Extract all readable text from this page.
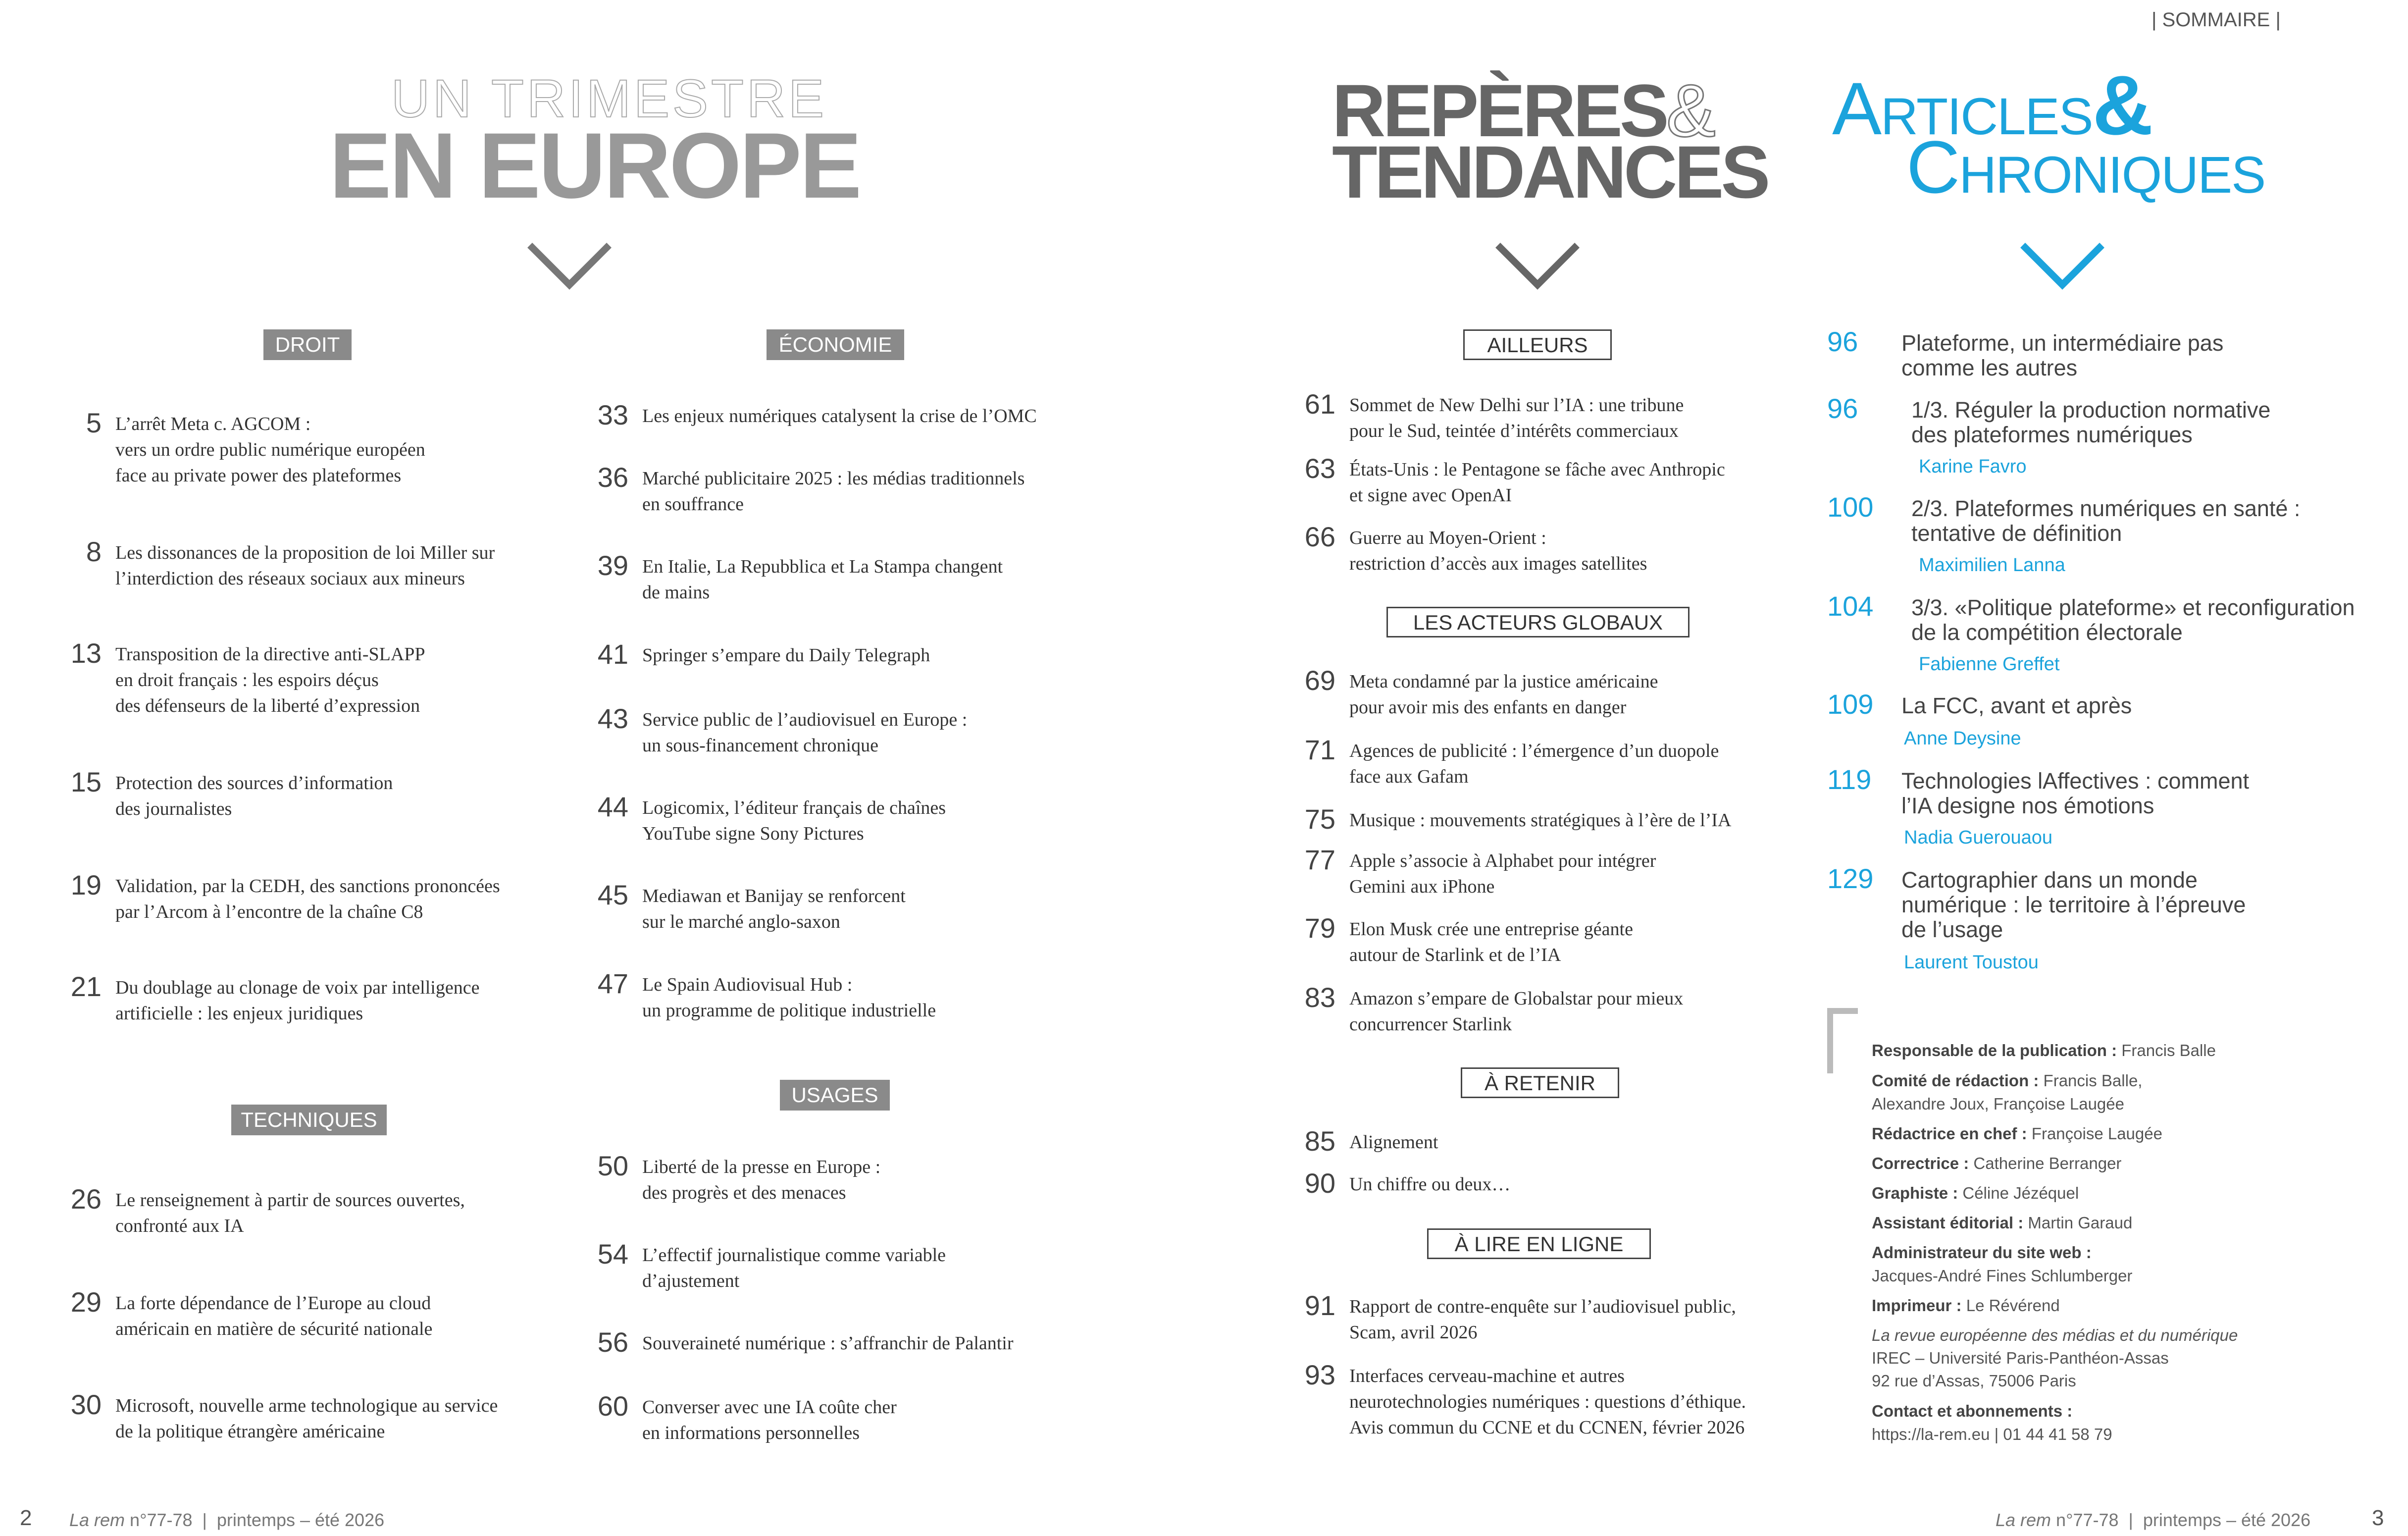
| SOMMAIRE |
UN TRIMESTRE
EN EUROPE
REPÈRES&
TENDANCES
Articles&
Chroniques
DROIT
TECHNIQUES
ÉCONOMIE
USAGES
AILLEURS
LES ACTEURS GLOBAUX
À RETENIR
À LIRE EN LIGNE
5 L’arrêt Meta c. AGCOM :
vers un ordre public numérique européen
face au private power des plateformes
8 Les dissonances de la proposition de loi Miller sur
l’interdiction des réseaux sociaux aux mineurs
13 Transposition de la directive anti-SLAPP
en droit français : les espoirs déçus
des défenseurs de la liberté d’expression
15 Protection des sources d’information
des journalistes
19 Validation, par la CEDH, des sanctions prononcées
par l’Arcom à l’encontre de la chaîne C8
21 Du doublage au clonage de voix par intelligence
artificielle : les enjeux juridiques
26 Le renseignement à partir de sources ouvertes,
confronté aux IA
29 La forte dépendance de l’Europe au cloud
américain en matière de sécurité nationale
30 Microsoft, nouvelle arme technologique au service
de la politique étrangère américaine
33 Les enjeux numériques catalysent la crise de l’OMC
36 Marché publicitaire 2025 : les médias traditionnels
en souffrance
39 En Italie, La Repubblica et La Stampa changent
de mains
41 Springer s’empare du Daily Telegraph
43 Service public de l’audiovisuel en Europe :
un sous-financement chronique
44 Logicomix, l’éditeur français de chaînes
YouTube signe Sony Pictures
45 Mediawan et Banijay se renforcent
sur le marché anglo-saxon
47 Le Spain Audiovisual Hub :
un programme de politique industrielle
50 Liberté de la presse en Europe :
des progrès et des menaces
54 L’effectif journalistique comme variable
d’ajustement
56 Souveraineté numérique : s’affranchir de Palantir
60 Converser avec une IA coûte cher
en informations personnelles
61 Sommet de New Delhi sur l’IA : une tribune
pour le Sud, teintée d’intérêts commerciaux
63 États-Unis : le Pentagone se fâche avec Anthropic
et signe avec OpenAI
66 Guerre au Moyen-Orient :
restriction d’accès aux images satellites
69 Meta condamné par la justice américaine
pour avoir mis des enfants en danger
71 Agences de publicité : l’émergence d’un duopole
face aux Gafam
75 Musique : mouvements stratégiques à l’ère de l’IA
77 Apple s’associe à Alphabet pour intégrer
Gemini aux iPhone
79 Elon Musk crée une entreprise géante
autour de Starlink et de l’IA
83 Amazon s’empare de Globalstar pour mieux
concurrencer Starlink
85 Alignement
90 Un chiffre ou deux…
91 Rapport de contre-enquête sur l’audiovisuel public,
Scam, avril 2026
93 Interfaces cerveau-machine et autres
neurotechnologies numériques : questions d’éthique.
Avis commun du CCNE et du CCNEN, février 2026
96 Plateforme, un intermédiaire pas
comme les autres
96 1/3. Réguler la production normative
des plateformes numériques
Karine Favro
100 2/3. Plateformes numériques en santé :
tentative de définition
Maximilien Lanna
104 3/3. «Politique plateforme» et reconfiguration
de la compétition électorale
Fabienne Greffet
109 La FCC, avant et après
Anne Deysine
119 Technologies lAffectives : comment
l’IA designe nos émotions
Nadia Guerouaou
129 Cartographier dans un monde
numérique : le territoire à l’épreuve
de l’usage
Laurent Toustou
Responsable de la publication : Francis Balle
Comité de rédaction : Francis Balle,
Alexandre Joux, Françoise Laugée
Rédactrice en chef : Françoise Laugée
Correctrice : Catherine Berranger
Graphiste : Céline Jézéquel
Assistant éditorial : Martin Garaud
Administrateur du site web :
Jacques-André Fines Schlumberger
Imprimeur : Le Révérend
La revue européenne des médias et du numérique
IREC – Université Paris-Panthéon-Assas
92 rue d’Assas, 75006 Paris
Contact et abonnements :
https://la-rem.eu | 01 44 41 58 79
2 La rem n°77-78  |  printemps – été 2026	La rem n°77-78  |  printemps – été 2026	3
